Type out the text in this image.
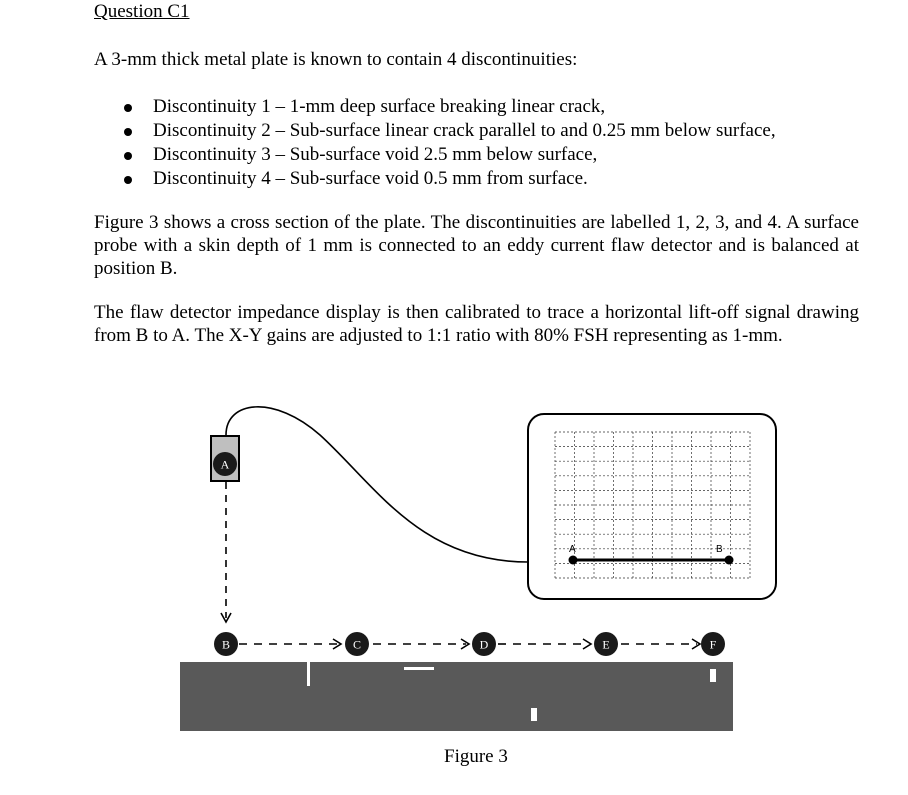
Question C1

A 3-mm thick metal plate is known to contain 4 discontinuities:

Discontinuity 1 – 1-mm deep surface breaking linear crack,
Discontinuity 2 – Sub-surface linear crack parallel to and 0.25 mm below surface,
Discontinuity 3 – Sub-surface void 2.5 mm below surface,
Discontinuity 4 – Sub-surface void 0.5 mm from surface.

Figure 3 shows a cross section of the plate. The discontinuities are labelled 1, 2, 3, and 4. A surface probe with a skin depth of 1 mm is connected to an eddy current flaw detector and is balanced at position B.

The flaw detector impedance display is then calibrated to trace a horizontal lift-off signal drawing from B to A. The X-Y gains are adjusted to 1:1 ratio with 80% FSH representing as 1-mm.

A	B
A
B	C	D	E	F

Figure 3
